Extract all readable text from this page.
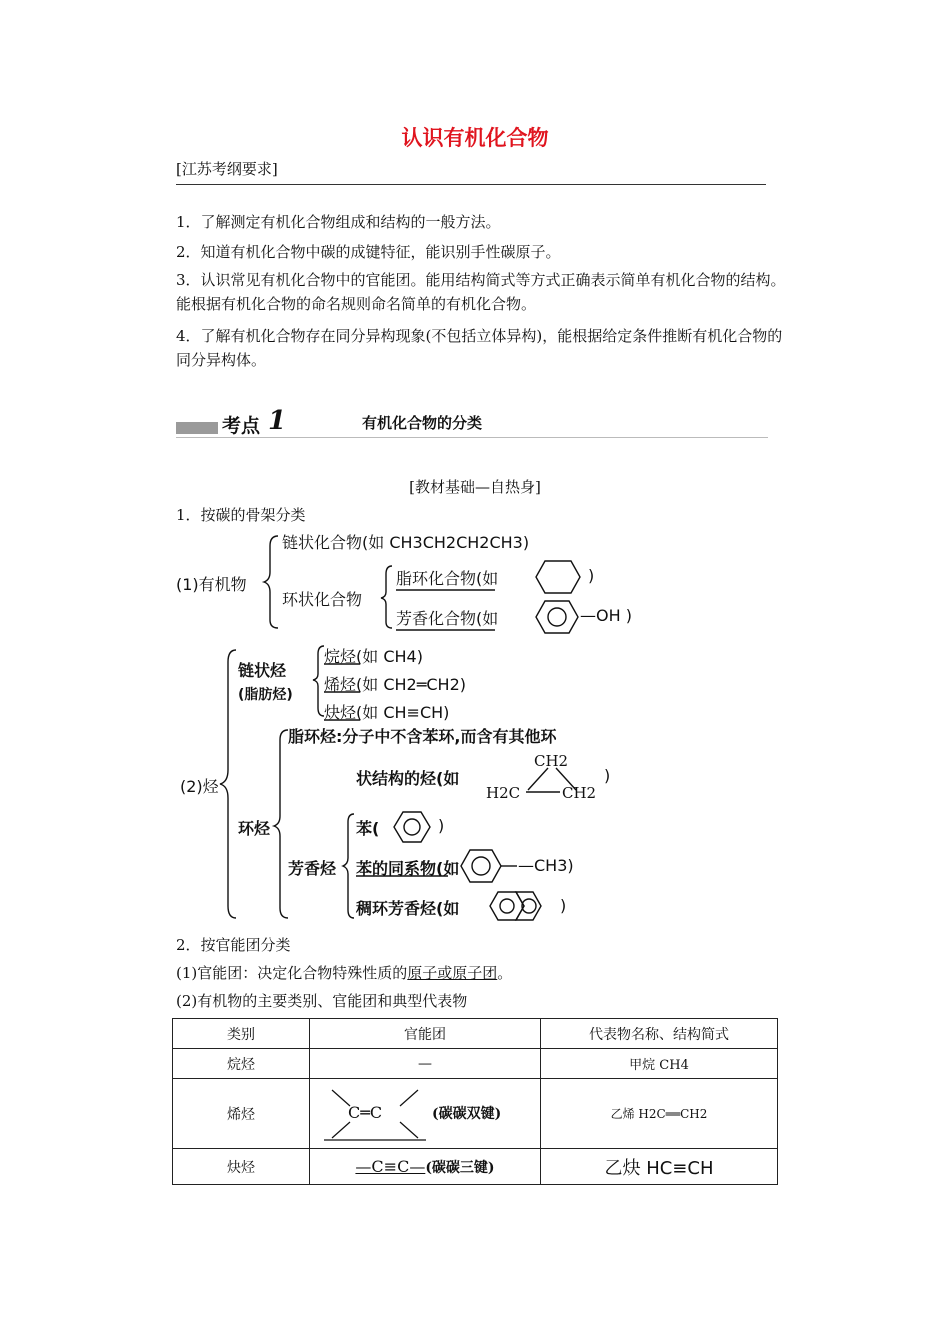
认识有机化合物
[江苏考纲要求]
1．了解测定有机化合物组成和结构的一般方法。
2．知道有机化合物中碳的成键特征，能识别手性碳原子。
3．认识常见有机化合物中的官能团。能用结构简式等方式正确表示简单有机化合物的结构。能根据有机化合物的命名规则命名简单的有机化合物。
4．了解有机化合物存在同分异构现象(不包括立体异构)，能根据给定条件推断有机化合物的同分异构体。
考点 1	有机化合物的分类
[教材基础—自热身]
1．按碳的骨架分类
(1)有机物
链状化合物(如 CH3CH2CH2CH3)
环状化合物
脂环化合物(如	)
芳香化合物(如	—OH )
(2)烃
链状烃
(脂肪烃)
烷烃(如 CH4)
烯烃(如 CH2═CH2)
炔烃(如 CH≡CH)
环烃
脂环烃:分子中不含苯环,而含有其他环
状结构的烃(如
CH2
H2C	CH2
)
芳香烃
苯(	)
苯的同系物(如	—CH3)
稠环芳香烃(如	)
2．按官能团分类
(1)官能团：决定化合物特殊性质的原子或原子团。
(2)有机物的主要类别、官能团和典型代表物
类别	官能团	代表物名称、结构简式
烷烃	—	甲烷 CH4
烯烃	C═C (碳碳双键)	乙烯 H2C══CH2
炔烃	—C≡C—(碳碳三键)	乙炔 HC≡CH
